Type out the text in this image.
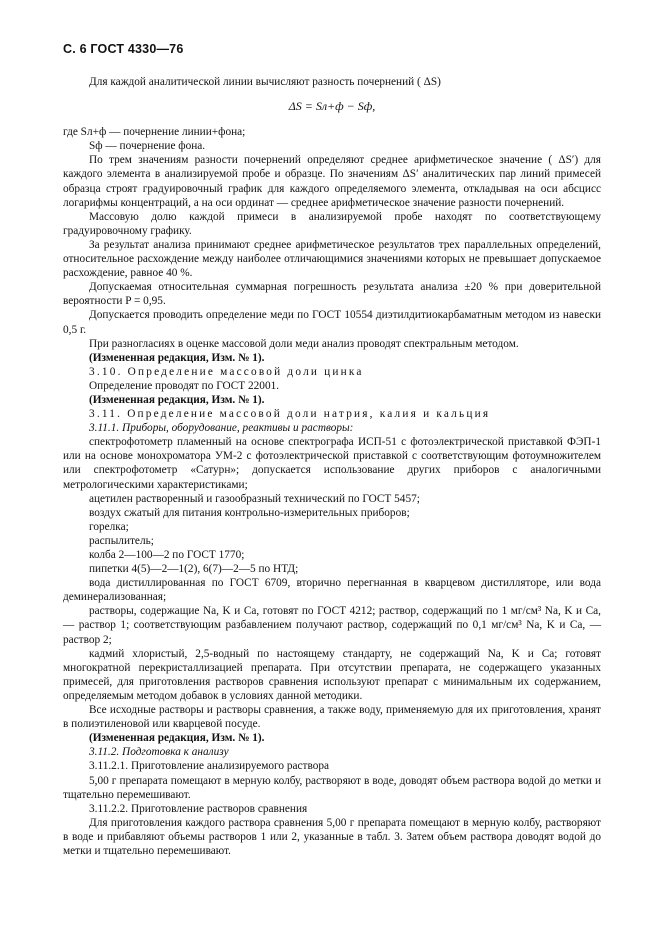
С. 6 ГОСТ 4330—76

Для каждой аналитической линии вычисляют разность почернений ( ΔS)

ΔS = Sл+ф − Sф,

где Sл+ф — почернение линии+фона;

Sф — почернение фона.

По трем значениям разности почернений определяют среднее арифметическое значение ( ΔS′) для каждого элемента в анализируемой пробе и образце. По значениям ΔS′ аналитических пар линий примесей образца строят градуировочный график для каждого определяемого элемента, откладывая на оси абсцисс логарифмы концентраций, а на оси ординат — среднее арифметическое значение разности почернений.

Массовую долю каждой примеси в анализируемой пробе находят по соответствующему градуировочному графику.

За результат анализа принимают среднее арифметическое результатов трех параллельных определений, относительное расхождение между наиболее отличающимися значениями которых не превышает допускаемое расхождение, равное 40 %.

Допускаемая относительная суммарная погрешность результата анализа ±20 % при доверительной вероятности P = 0,95.

Допускается проводить определение меди по ГОСТ 10554 диэтилдитиокарбаматным методом из навески 0,5 г.

При разногласиях в оценке массовой доли меди анализ проводят спектральным методом.

(Измененная редакция, Изм. № 1).

3.10. Определение массовой доли цинка

Определение проводят по ГОСТ 22001.

(Измененная редакция, Изм. № 1).

3.11. Определение массовой доли натрия, калия и кальция

3.11.1. Приборы, оборудование, реактивы и растворы:

спектрофотометр пламенный на основе спектрографа ИСП-51 с фотоэлектрической приставкой ФЭП-1 или на основе монохроматора УМ-2 с фотоэлектрической приставкой с соответствующим фотоумножителем или спектрофотометр «Сатурн»; допускается использование других приборов с аналогичными метрологическими характеристиками;

ацетилен растворенный и газообразный технический по ГОСТ 5457;

воздух сжатый для питания контрольно-измерительных приборов;

горелка;

распылитель;

колба 2—100—2 по ГОСТ 1770;

пипетки 4(5)—2—1(2), 6(7)—2—5 по НТД;

вода дистиллированная по ГОСТ 6709, вторично перегнанная в кварцевом дистилляторе, или вода деминерализованная;

растворы, содержащие Na, K и Ca, готовят по ГОСТ 4212; раствор, содержащий по 1 мг/см³ Na, K и Ca, — раствор 1; соответствующим разбавлением получают раствор, содержащий по 0,1 мг/см³ Na, K и Ca, — раствор 2;

кадмий хлористый, 2,5-водный по настоящему стандарту, не содержащий Na, K и Ca; готовят многократной перекристаллизацией препарата. При отсутствии препарата, не содержащего указанных примесей, для приготовления растворов сравнения используют препарат с минимальным их содержанием, определяемым методом добавок в условиях данной методики.

Все исходные растворы и растворы сравнения, а также воду, применяемую для их приготовления, хранят в полиэтиленовой или кварцевой посуде.

(Измененная редакция, Изм. № 1).

3.11.2. Подготовка к анализу

3.11.2.1. Приготовление анализируемого раствора

5,00 г препарата помещают в мерную колбу, растворяют в воде, доводят объем раствора водой до метки и тщательно перемешивают.

3.11.2.2. Приготовление растворов сравнения

Для приготовления каждого раствора сравнения 5,00 г препарата помещают в мерную колбу, растворяют в воде и прибавляют объемы растворов 1 или 2, указанные в табл. 3. Затем объем раствора доводят водой до метки и тщательно перемешивают.
